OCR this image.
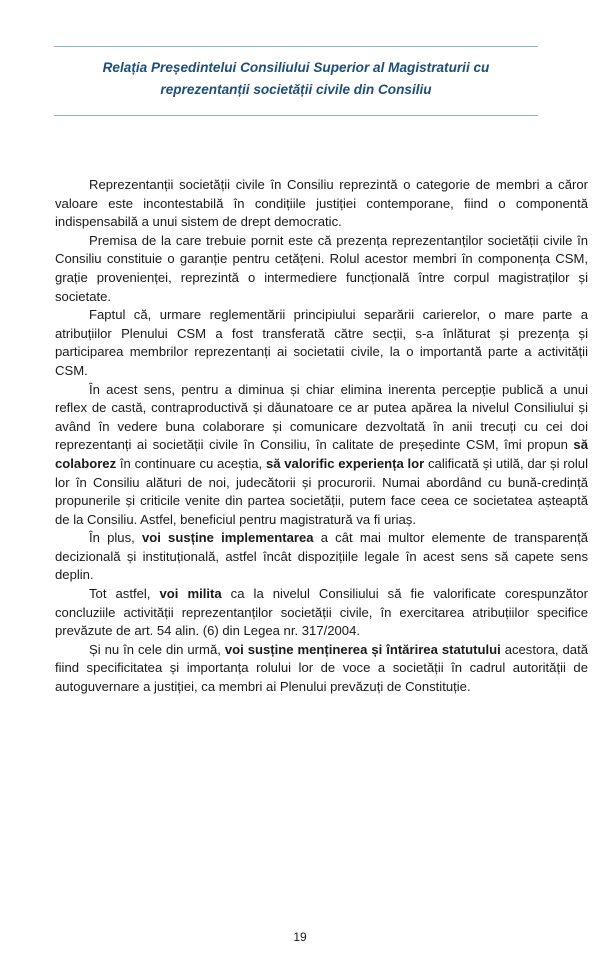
Relația Președintelui Consiliului Superior al Magistraturii cu
reprezentanții societății civile din Consiliu

Reprezentanții societății civile în Consiliu reprezintă o categorie de membri a căror valoare este incontestabilă în condițiile justiției contemporane, fiind o componentă indispensabilă a unui sistem de drept democratic.

Premisa de la care trebuie pornit este că prezența reprezentanților societății civile în Consiliu constituie o garanție pentru cetățeni. Rolul acestor membri în componența CSM, grație provenienței, reprezintă o intermediere funcțională între corpul magistraților și societate.

Faptul că, urmare reglementării principiului separării carierelor, o mare parte a atribuțiilor Plenului CSM a fost transferată către secții, s-a înlăturat și prezența și participarea membrilor reprezentanți ai societatii civile, la o importantă parte a activității CSM.

În acest sens, pentru a diminua și chiar elimina inerenta percepție publică a unui reflex de castă, contraproductivă și dăunatoare ce ar putea apărea la nivelul Consiliului și având în vedere buna colaborare și comunicare dezvoltată în anii trecuți cu cei doi reprezentanți ai societății civile în Consiliu, în calitate de președinte CSM, îmi propun să colaborez în continuare cu aceștia, să valorific experiența lor calificată și utilă, dar și rolul lor în Consiliu alături de noi, judecătorii și procurorii. Numai abordând cu bună-credință propunerile și criticile venite din partea societății, putem face ceea ce societatea așteaptă de la Consiliu. Astfel, beneficiul pentru magistratură va fi uriaș.

În plus, voi susține implementarea a cât mai multor elemente de transparență decizională și instituțională, astfel încât dispozițiile legale în acest sens să capete sens deplin.

Tot astfel, voi milita ca la nivelul Consiliului să fie valorificate corespunzător concluziile activității reprezentanților societății civile, în exercitarea atribuțiilor specifice prevăzute de art. 54 alin. (6) din Legea nr. 317/2004.

Și nu în cele din urmă, voi susține menținerea și întărirea statutului acestora, dată fiind specificitatea și importanța rolului lor de voce a societății în cadrul autorității de autoguvernare a justiției, ca membri ai Plenului prevăzuți de Constituție.

19
